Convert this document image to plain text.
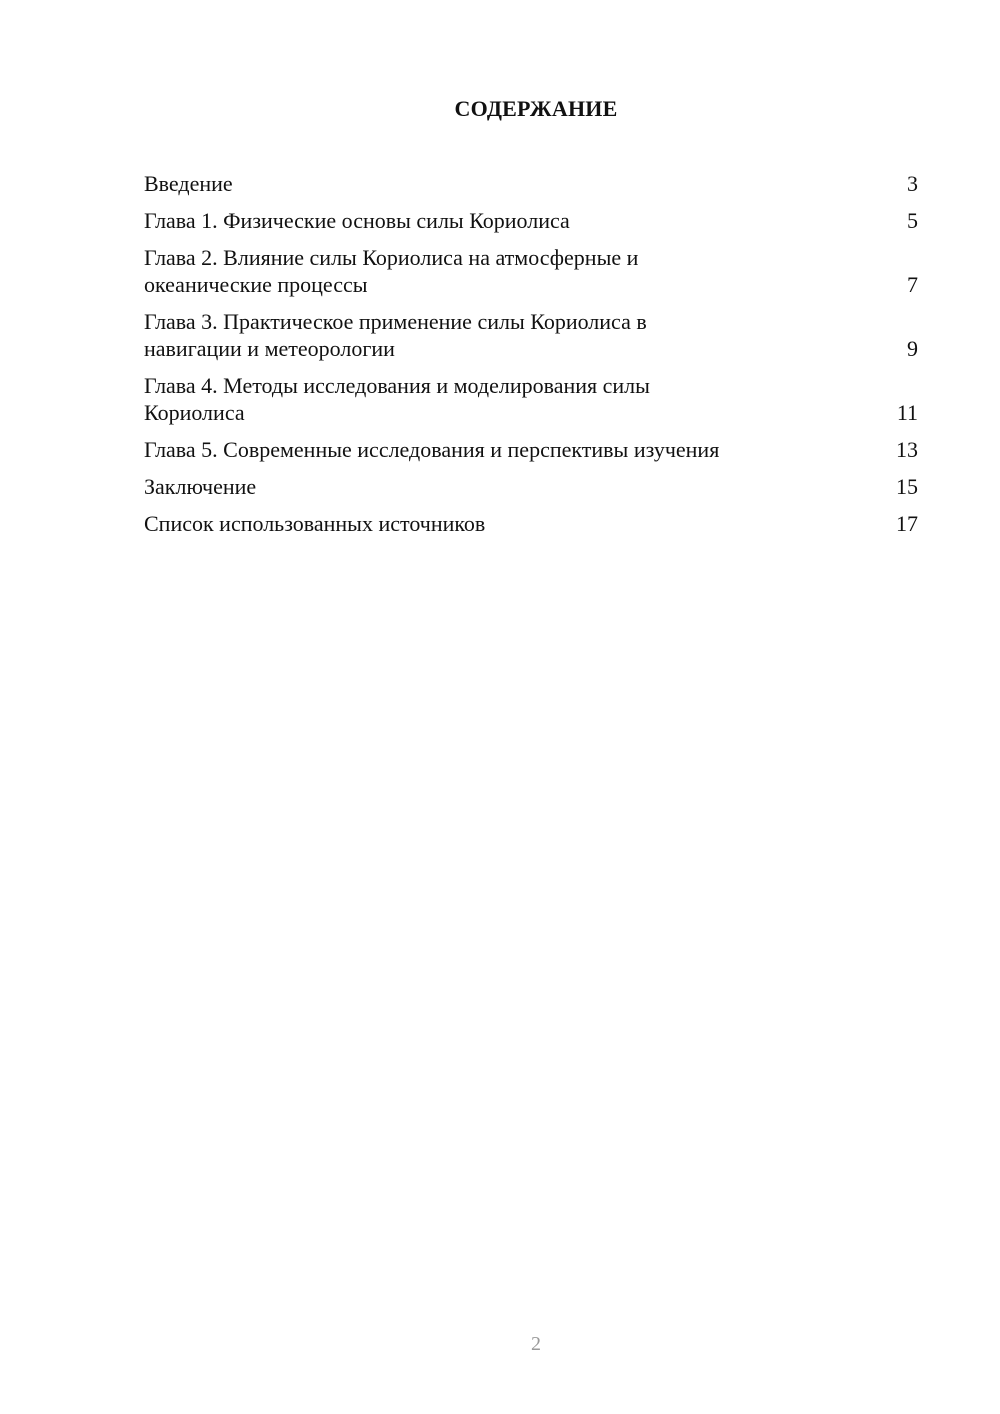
СОДЕРЖАНИЕ
Введение	3
Глава 1. Физические основы силы Кориолиса	5
Глава 2. Влияние силы Кориолиса на атмосферные и океанические процессы	7
Глава 3. Практическое применение силы Кориолиса в навигации и метеорологии	9
Глава 4. Методы исследования и моделирования силы Кориолиса	11
Глава 5. Современные исследования и перспективы изучения	13
Заключение	15
Список использованных источников	17
2
